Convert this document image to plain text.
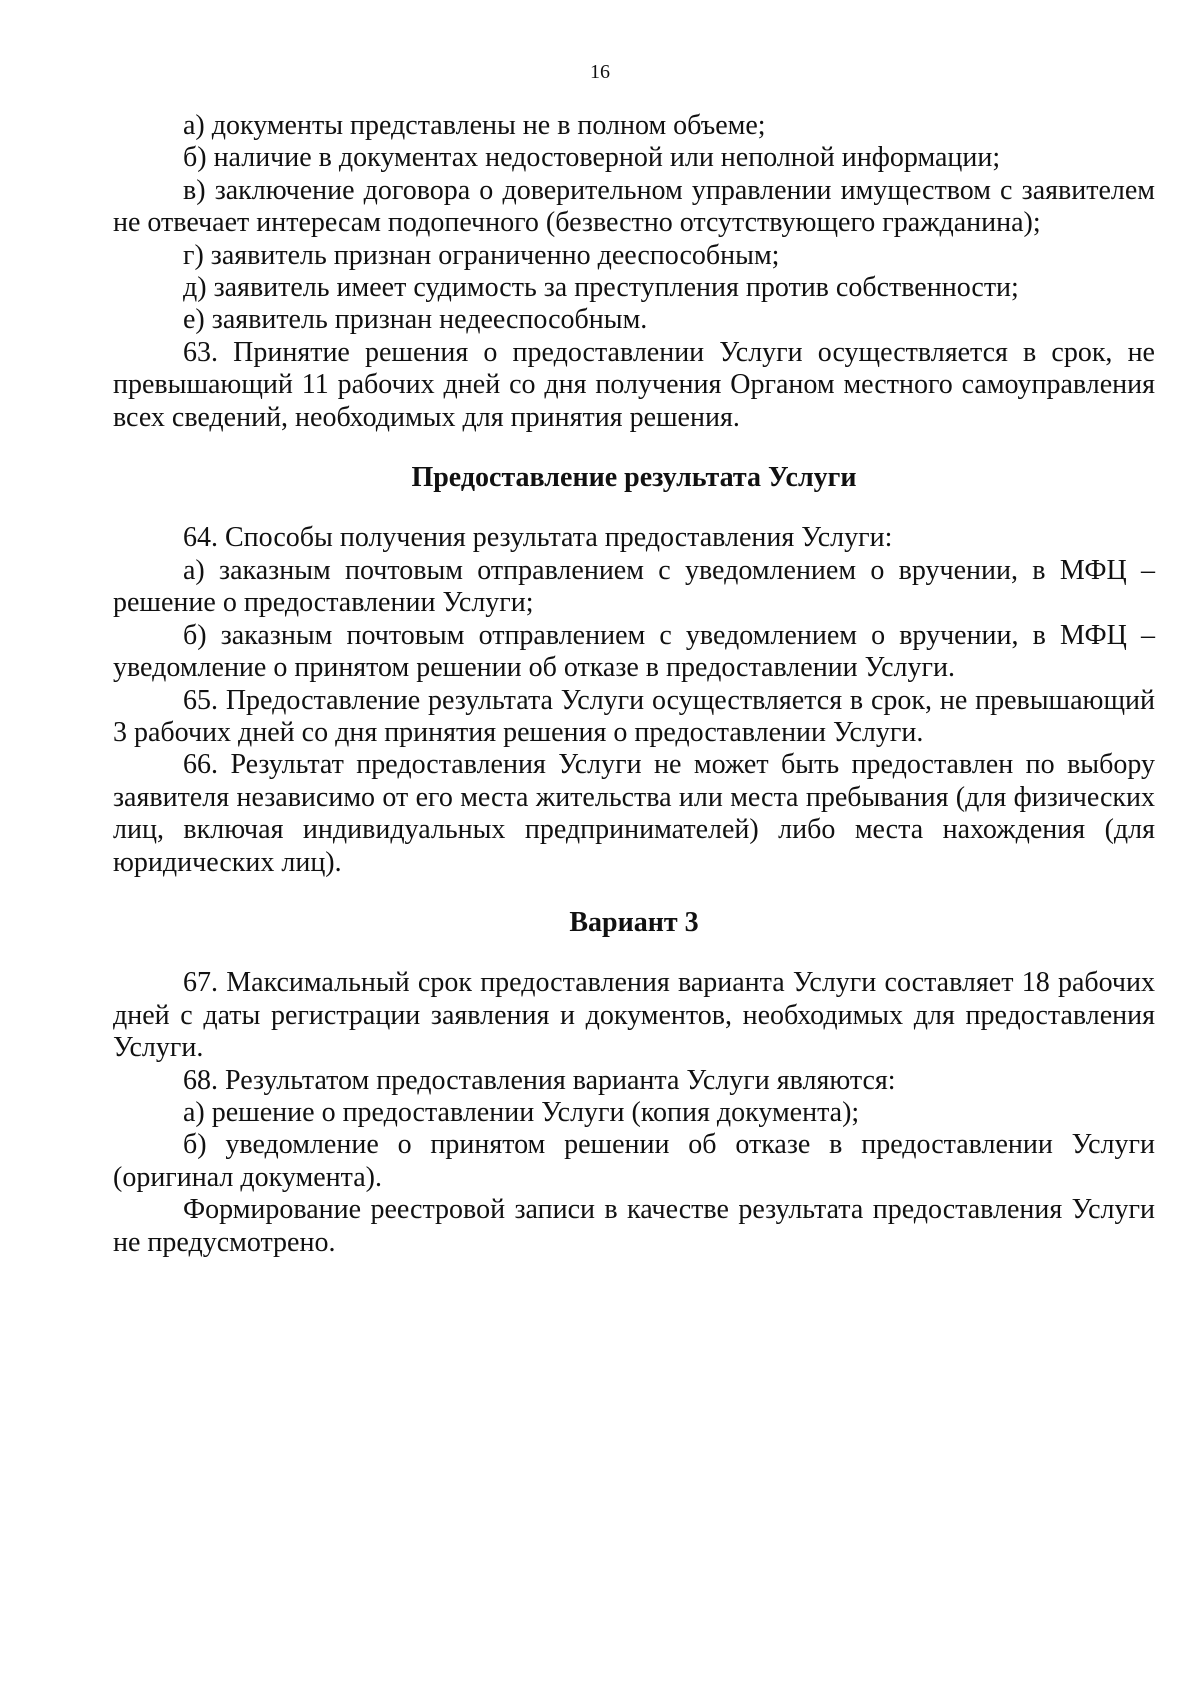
16

а) документы представлены не в полном объеме;

б) наличие в документах недостоверной или неполной информации;

в) заключение договора о доверительном управлении имуществом с заявителем не отвечает интересам подопечного (безвестно отсутствующего гражданина);

г) заявитель признан ограниченно дееспособным;

д) заявитель имеет судимость за преступления против собственности;

е) заявитель признан недееспособным.

63. Принятие решения о предоставлении Услуги осуществляется в срок, не превышающий 11 рабочих дней со дня получения Органом местного самоуправления всех сведений, необходимых для принятия решения.

Предоставление результата Услуги

64. Способы получения результата предоставления Услуги:

а) заказным почтовым отправлением с уведомлением о вручении, в МФЦ – решение о предоставлении Услуги;

б) заказным почтовым отправлением с уведомлением о вручении, в МФЦ – уведомление о принятом решении об отказе в предоставлении Услуги.

65. Предоставление результата Услуги осуществляется в срок, не превышающий 3 рабочих дней со дня принятия решения о предоставлении Услуги.

66. Результат предоставления Услуги не может быть предоставлен по выбору заявителя независимо от его места жительства или места пребывания (для физических лиц, включая индивидуальных предпринимателей) либо места нахождения (для юридических лиц).

Вариант 3

67. Максимальный срок предоставления варианта Услуги составляет 18 рабочих дней с даты регистрации заявления и документов, необходимых для предоставления Услуги.

68. Результатом предоставления варианта Услуги являются:

а) решение о предоставлении Услуги (копия документа);

б) уведомление о принятом решении об отказе в предоставлении Услуги (оригинал документа).

Формирование реестровой записи в качестве результата предоставления Услуги не предусмотрено.
